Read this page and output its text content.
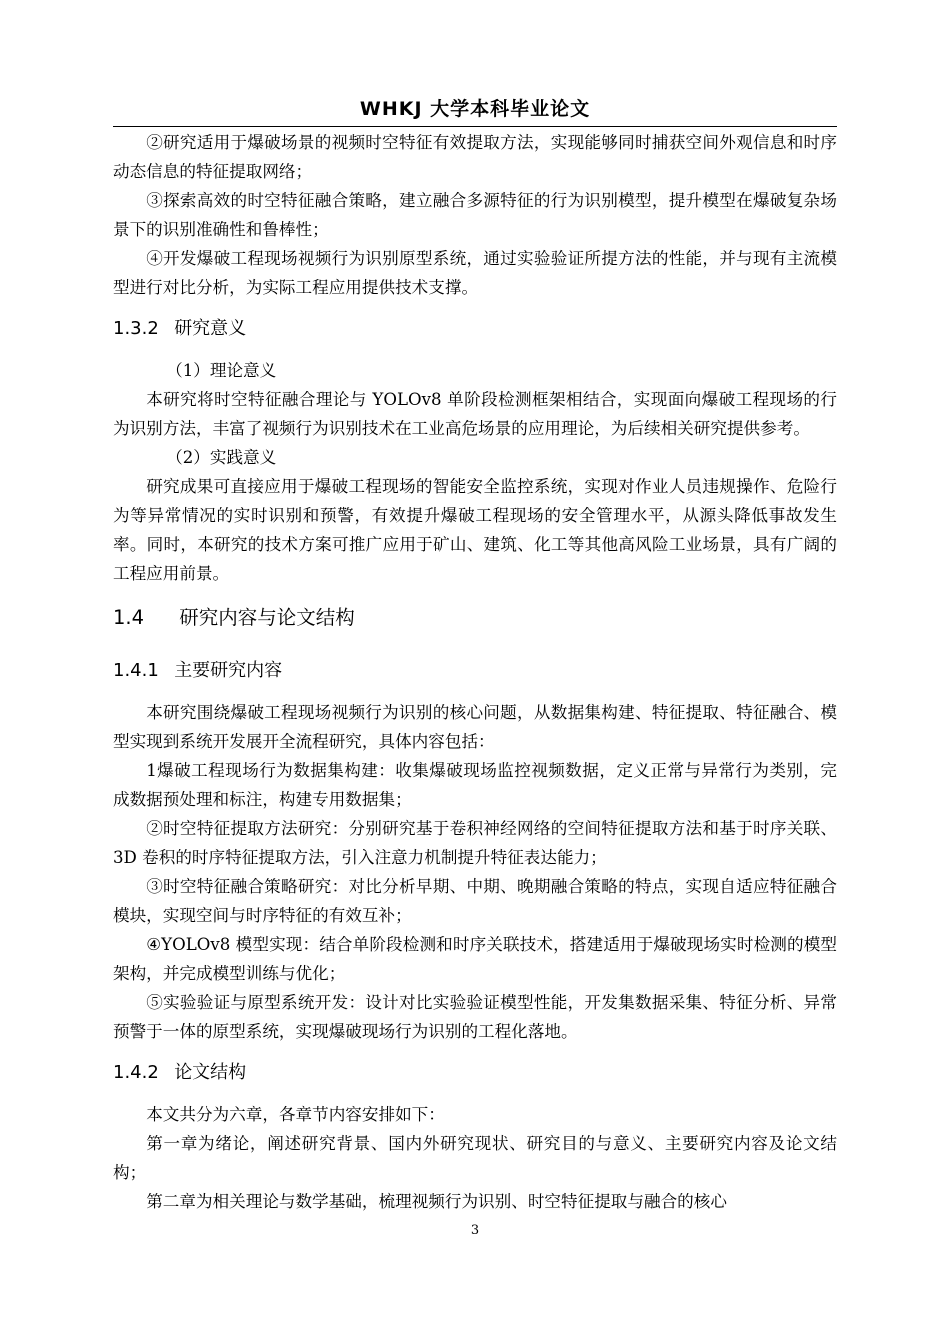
WHKJ 大学本科毕业论文

②研究适用于爆破场景的视频时空特征有效提取方法，实现能够同时捕获空间外观信息和时序动态信息的特征提取网络；

③探索高效的时空特征融合策略，建立融合多源特征的行为识别模型，提升模型在爆破复杂场景下的识别准确性和鲁棒性；

④开发爆破工程现场视频行为识别原型系统，通过实验验证所提方法的性能，并与现有主流模型进行对比分析，为实际工程应用提供技术支撑。

1.3.2 研究意义

（1）理论意义

本研究将时空特征融合理论与 YOLOv8 单阶段检测框架相结合，实现面向爆破工程现场的行为识别方法，丰富了视频行为识别技术在工业高危场景的应用理论，为后续相关研究提供参考。

（2）实践意义

研究成果可直接应用于爆破工程现场的智能安全监控系统，实现对作业人员违规操作、危险行为等异常情况的实时识别和预警，有效提升爆破工程现场的安全管理水平，从源头降低事故发生率。同时，本研究的技术方案可推广应用于矿山、建筑、化工等其他高风险工业场景，具有广阔的工程应用前景。

1.4 研究内容与论文结构
1.4.1 主要研究内容

本研究围绕爆破工程现场视频行为识别的核心问题，从数据集构建、特征提取、特征融合、模型实现到系统开发展开全流程研究，具体内容包括：

1爆破工程现场行为数据集构建：收集爆破现场监控视频数据，定义正常与异常行为类别，完成数据预处理和标注，构建专用数据集；

②时空特征提取方法研究：分别研究基于卷积神经网络的空间特征提取方法和基于时序关联、3D 卷积的时序特征提取方法，引入注意力机制提升特征表达能力；

③时空特征融合策略研究：对比分析早期、中期、晚期融合策略的特点，实现自适应特征融合模块，实现空间与时序特征的有效互补；

④YOLOv8 模型实现：结合单阶段检测和时序关联技术，搭建适用于爆破现场实时检测的模型架构，并完成模型训练与优化；

⑤实验验证与原型系统开发：设计对比实验验证模型性能，开发集数据采集、特征分析、异常预警于一体的原型系统，实现爆破现场行为识别的工程化落地。

1.4.2 论文结构

本文共分为六章，各章节内容安排如下：

第一章为绪论，阐述研究背景、国内外研究现状、研究目的与意义、主要研究内容及论文结构；

第二章为相关理论与数学基础，梳理视频行为识别、时空特征提取与融合的核心

3
